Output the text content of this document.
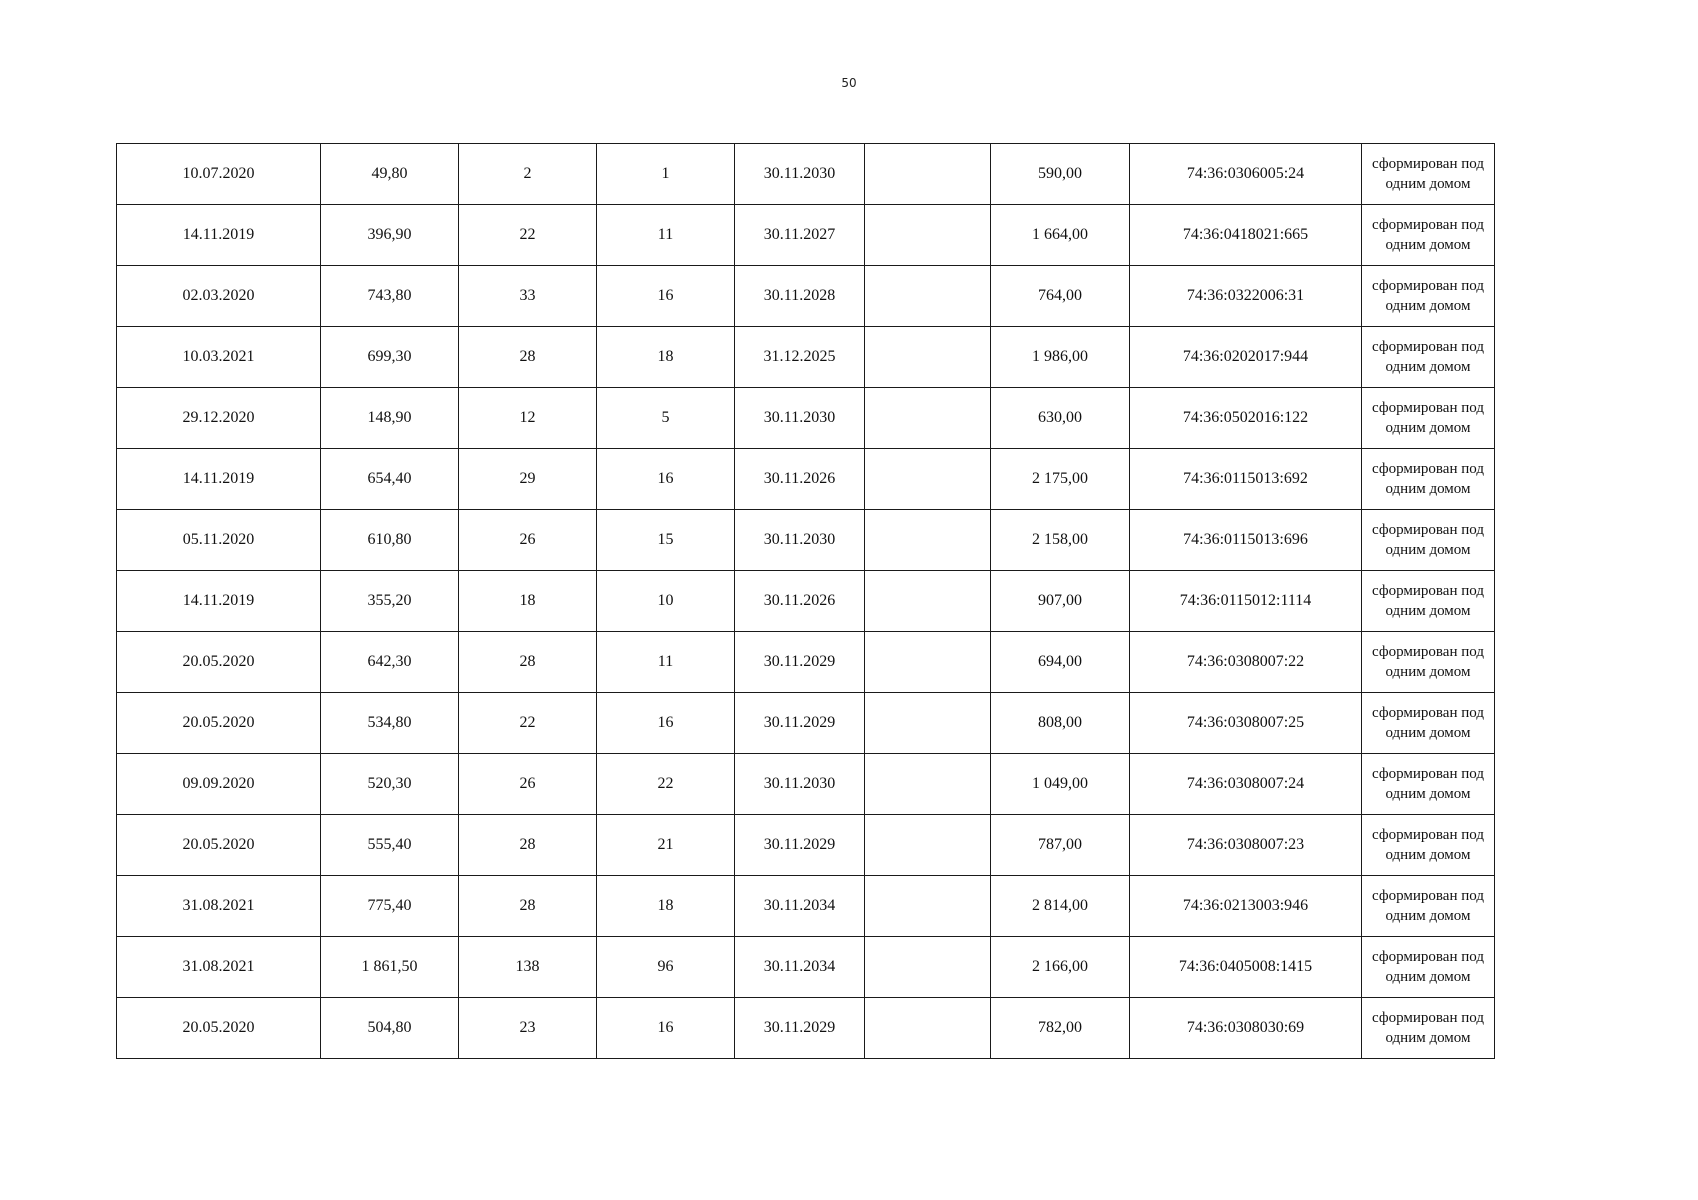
50
10.07.2020	49,80	2	1	30.11.2030		590,00	74:36:0306005:24	сформирован под одним домом
14.11.2019	396,90	22	11	30.11.2027		1 664,00	74:36:0418021:665	сформирован под одним домом
02.03.2020	743,80	33	16	30.11.2028		764,00	74:36:0322006:31	сформирован под одним домом
10.03.2021	699,30	28	18	31.12.2025		1 986,00	74:36:0202017:944	сформирован под одним домом
29.12.2020	148,90	12	5	30.11.2030		630,00	74:36:0502016:122	сформирован под одним домом
14.11.2019	654,40	29	16	30.11.2026		2 175,00	74:36:0115013:692	сформирован под одним домом
05.11.2020	610,80	26	15	30.11.2030		2 158,00	74:36:0115013:696	сформирован под одним домом
14.11.2019	355,20	18	10	30.11.2026		907,00	74:36:0115012:1114	сформирован под одним домом
20.05.2020	642,30	28	11	30.11.2029		694,00	74:36:0308007:22	сформирован под одним домом
20.05.2020	534,80	22	16	30.11.2029		808,00	74:36:0308007:25	сформирован под одним домом
09.09.2020	520,30	26	22	30.11.2030		1 049,00	74:36:0308007:24	сформирован под одним домом
20.05.2020	555,40	28	21	30.11.2029		787,00	74:36:0308007:23	сформирован под одним домом
31.08.2021	775,40	28	18	30.11.2034		2 814,00	74:36:0213003:946	сформирован под одним домом
31.08.2021	1 861,50	138	96	30.11.2034		2 166,00	74:36:0405008:1415	сформирован под одним домом
20.05.2020	504,80	23	16	30.11.2029		782,00	74:36:0308030:69	сформирован под одним домом
